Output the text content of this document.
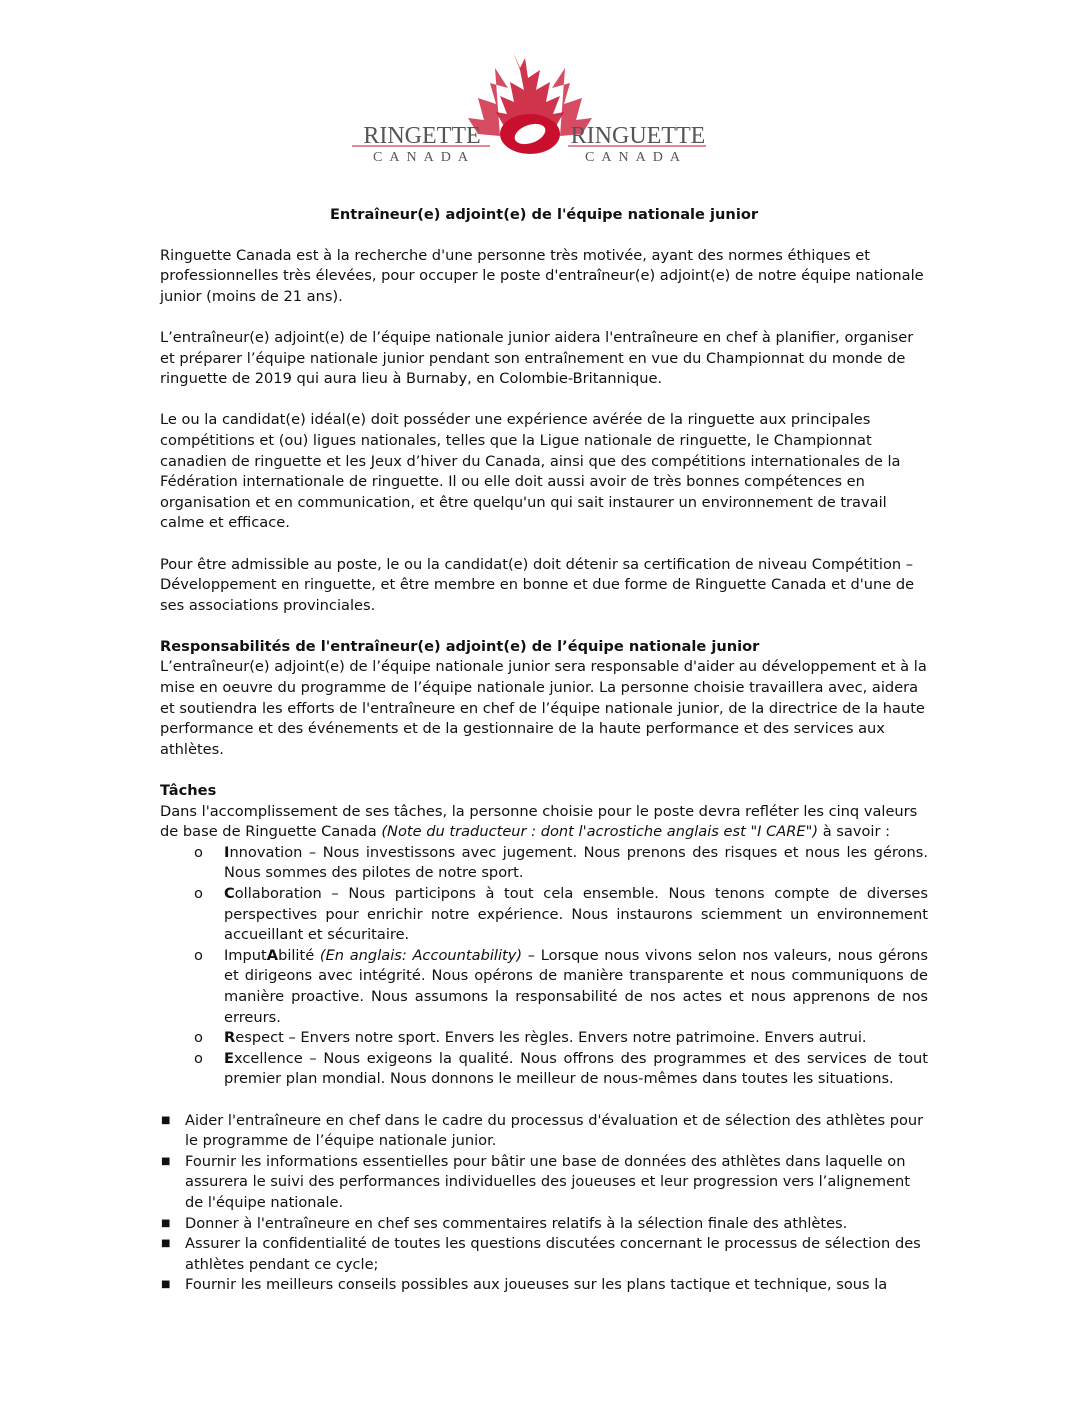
RINGETTE
CANADA
RINGUETTE
CANADA
Entraîneur(e) adjoint(e) de l'équipe nationale junior

Ringuette Canada est à la recherche d'une personne très motivée, ayant des normes éthiques et professionnelles très élevées, pour occuper le poste d'entraîneur(e) adjoint(e) de notre équipe nationale junior (moins de 21 ans).

L’entraîneur(e) adjoint(e) de l’équipe nationale junior aidera l'entraîneure en chef à planifier, organiser et préparer l’équipe nationale junior pendant son entraînement en vue du Championnat du monde de ringuette de 2019 qui aura lieu à Burnaby, en Colombie-Britannique.

Le ou la candidat(e) idéal(e) doit posséder une expérience avérée de la ringuette aux principales compétitions et (ou) ligues nationales, telles que la Ligue nationale de ringuette, le Championnat canadien de ringuette et les Jeux d’hiver du Canada, ainsi que des compétitions internationales de la Fédération internationale de ringuette. Il ou elle doit aussi avoir de très bonnes compétences en organisation et en communication, et être quelqu'un qui sait instaurer un environnement de travail calme et efficace.

Pour être admissible au poste, le ou la candidat(e) doit détenir sa certification de niveau Compétition – Développement en ringuette, et être membre en bonne et due forme de Ringuette Canada et d'une de ses associations provinciales.

Responsabilités de l'entraîneur(e) adjoint(e) de l’équipe nationale junior
L’entraîneur(e) adjoint(e) de l’équipe nationale junior sera responsable d'aider au développement et à la mise en oeuvre du programme de l’équipe nationale junior. La personne choisie travaillera avec, aidera et soutiendra les efforts de l'entraîneure en chef de l’équipe nationale junior, de la directrice de la haute performance et des événements et de la gestionnaire de la haute performance et des services aux athlètes.

Tâches
Dans l'accomplissement de ses tâches, la personne choisie pour le poste devra refléter les cinq valeurs de base de Ringuette Canada (Note du traducteur : dont l'acrostiche anglais est "I CARE") à savoir :
o Innovation – Nous investissons avec jugement. Nous prenons des risques et nous les gérons. Nous sommes des pilotes de notre sport.
o Collaboration – Nous participons à tout cela ensemble. Nous tenons compte de diverses perspectives pour enrichir notre expérience. Nous instaurons sciemment un environnement accueillant et sécuritaire.
o ImputAbilité (En anglais: Accountability) – Lorsque nous vivons selon nos valeurs, nous gérons et dirigeons avec intégrité. Nous opérons de manière transparente et nous communiquons de manière proactive. Nous assumons la responsabilité de nos actes et nous apprenons de nos erreurs.
o Respect – Envers notre sport. Envers les règles. Envers notre patrimoine. Envers autrui.
o Excellence – Nous exigeons la qualité. Nous offrons des programmes et des services de tout premier plan mondial. Nous donnons le meilleur de nous-mêmes dans toutes les situations.
■ Aider l'entraîneure en chef dans le cadre du processus d'évaluation et de sélection des athlètes pour le programme de l’équipe nationale junior.
■ Fournir les informations essentielles pour bâtir une base de données des athlètes dans laquelle on assurera le suivi des performances individuelles des joueuses et leur progression vers l’alignement de l'équipe nationale.
■ Donner à l'entraîneure en chef ses commentaires relatifs à la sélection finale des athlètes.
■ Assurer la confidentialité de toutes les questions discutées concernant le processus de sélection des athlètes pendant ce cycle;
■ Fournir les meilleurs conseils possibles aux joueuses sur les plans tactique et technique, sous la
